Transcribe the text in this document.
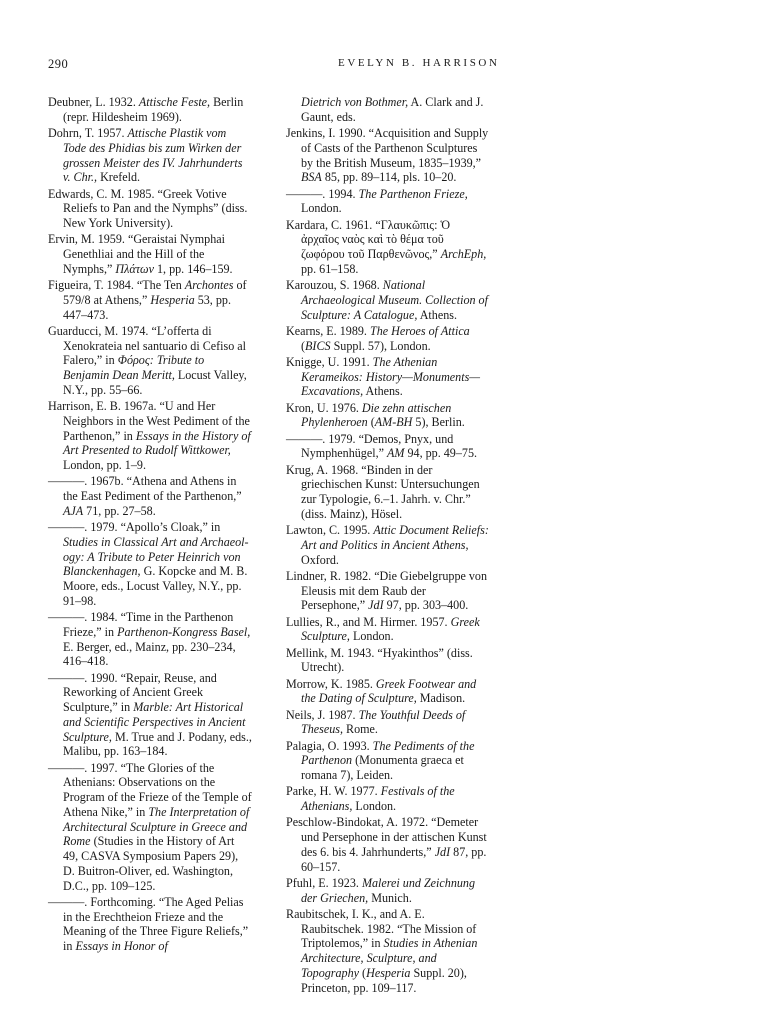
290	EVELYN B. HARRISON
Deubner, L. 1932. Attische Feste, Berlin (repr. Hildesheim 1969).
Dohrn, T. 1957. Attische Plastik vom Tode des Phidias bis zum Wirken der grossen Meister des IV. Jahrhunderts v. Chr., Krefeld.
Edwards, C. M. 1985. “Greek Votive Reliefs to Pan and the Nymphs” (diss. New York University).
Ervin, M. 1959. “Geraistai Nymphai Genethliai and the Hill of the Nymphs,” Πλάτων 1, pp. 146–159.
Figueira, T. 1984. “The Ten Archontes of 579/8 at Athens,” Hesperia 53, pp. 447–473.
Guarducci, M. 1974. “L’offerta di Xenokrateia nel santuario di Cefiso al Falero,” in Φόρος: Tribute to Benjamin Dean Meritt, Locust Valley, N.Y., pp. 55–66.
Harrison, E. B. 1967a. “U and Her Neighbors in the West Pediment of the Parthenon,” in Essays in the History of Art Presented to Rudolf Wittkower, London, pp. 1–9.
———. 1967b. “Athena and Athens in the East Pediment of the Parthenon,” AJA 71, pp. 27–58.
———. 1979. “Apollo’s Cloak,” in Studies in Classical Art and Archaeology: A Tribute to Peter Heinrich von Blanckenhagen, G. Kopcke and M. B. Moore, eds., Locust Valley, N.Y., pp. 91–98.
———. 1984. “Time in the Parthenon Frieze,” in Parthenon-Kongress Basel, E. Berger, ed., Mainz, pp. 230–234, 416–418.
———. 1990. “Repair, Reuse, and Reworking of Ancient Greek Sculpture,” in Marble: Art Historical and Scientific Perspectives in Ancient Sculpture, M. True and J. Podany, eds., Malibu, pp. 163–184.
———. 1997. “The Glories of the Athenians: Observations on the Program of the Frieze of the Temple of Athena Nike,” in The Interpretation of Architectural Sculpture in Greece and Rome (Studies in the History of Art 49, CASVA Symposium Papers 29), D. Buitron-Oliver, ed. Washington, D.C., pp. 109–125.
———. Forthcoming. “The Aged Pelias in the Erechtheion Frieze and the Meaning of the Three Figure Reliefs,” in Essays in Honor of
Dietrich von Bothmer, A. Clark and J. Gaunt, eds.
Jenkins, I. 1990. “Acquisition and Supply of Casts of the Parthenon Sculptures by the British Museum, 1835–1939,” BSA 85, pp. 89–114, pls. 10–20.
———. 1994. The Parthenon Frieze, London.
Kardara, C. 1961. “Γλαυκῶπις: Ὁ ἀρχαῖος ναὸς καὶ τὸ θέμα τοῦ ζωφόρου τοῦ Παρθενῶνος,” ArchEph, pp. 61–158.
Karouzou, S. 1968. National Archaeological Museum. Collection of Sculpture: A Catalogue, Athens.
Kearns, E. 1989. The Heroes of Attica (BICS Suppl. 57), London.
Knigge, U. 1991. The Athenian Kerameikos: History—Monuments—Excavations, Athens.
Kron, U. 1976. Die zehn attischen Phylenheroen (AM-BH 5), Berlin.
———. 1979. “Demos, Pnyx, und Nymphenhügel,” AM 94, pp. 49–75.
Krug, A. 1968. “Binden in der griechischen Kunst: Untersuchungen zur Typologie, 6.–1. Jahrh. v. Chr.” (diss. Mainz), Hösel.
Lawton, C. 1995. Attic Document Reliefs: Art and Politics in Ancient Athens, Oxford.
Lindner, R. 1982. “Die Giebelgruppe von Eleusis mit dem Raub der Persephone,” JdI 97, pp. 303–400.
Lullies, R., and M. Hirmer. 1957. Greek Sculpture, London.
Mellink, M. 1943. “Hyakinthos” (diss. Utrecht).
Morrow, K. 1985. Greek Footwear and the Dating of Sculpture, Madison.
Neils, J. 1987. The Youthful Deeds of Theseus, Rome.
Palagia, O. 1993. The Pediments of the Parthenon (Monumenta graeca et romana 7), Leiden.
Parke, H. W. 1977. Festivals of the Athenians, London.
Peschlow-Bindokat, A. 1972. “Demeter und Persephone in der attischen Kunst des 6. bis 4. Jahrhunderts,” JdI 87, pp. 60–157.
Pfuhl, E. 1923. Malerei und Zeichnung der Griechen, Munich.
Raubitschek, I. K., and A. E. Raubitschek. 1982. “The Mission of Triptolemos,” in Studies in Athenian Architecture, Sculpture, and Topography (Hesperia Suppl. 20), Princeton, pp. 109–117.
